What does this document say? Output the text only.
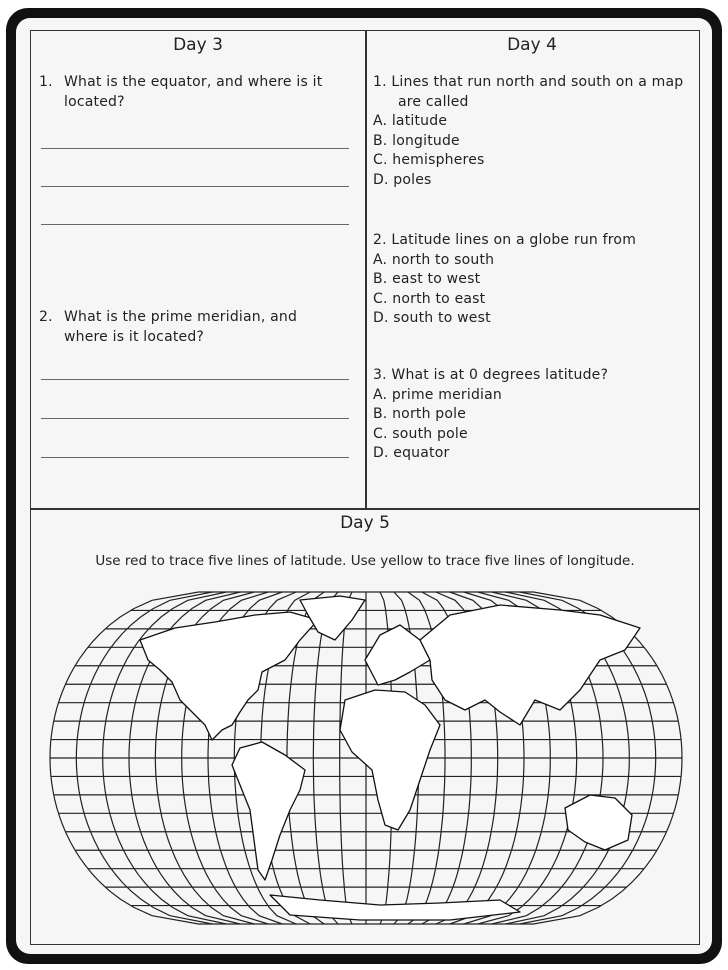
Day 3
1. What is the equator, and where is it located?
2. What is the prime meridian, and where is it located?
Day 4
1. Lines that run north and south on a map are called
A. latitude
B. longitude
C. hemispheres
D. poles
2. Latitude lines on a globe run from
A. north to south
B. east to west
C. north to east
D. south to west
3. What is at 0 degrees latitude?
A. prime meridian
B. north pole
C. south pole
D. equator
Day 5
Use red to trace five lines of latitude. Use yellow to trace five lines of longitude.
